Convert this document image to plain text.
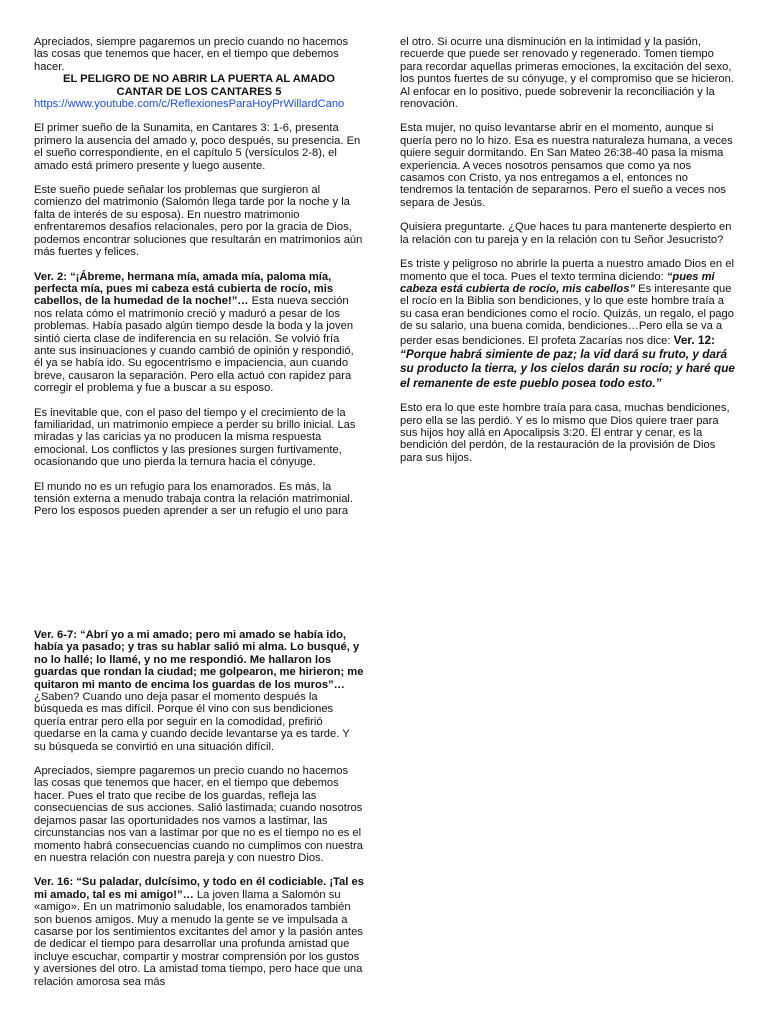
Apreciados, siempre pagaremos un precio cuando no hacemos las cosas que tenemos que hacer, en el tiempo que debemos hacer.

EL PELIGRO DE NO ABRIR LA PUERTA AL AMADO
CANTAR DE LOS CANTARES 5
https://www.youtube.com/c/ReflexionesParaHoyPrWillardCano

El primer sueño de la Sunamita, en Cantares 3: 1-6, presenta primero la ausencia del amado y, poco después, su presencia. En el sueño correspondiente, en el capítulo 5 (versículos 2-8), el amado está primero presente y luego ausente.

Este sueño puede señalar los problemas que surgieron al comienzo del matrimonio (Salomón llega tarde por la noche y la falta de interés de su esposa). En nuestro matrimonio enfrentaremos desafíos relacionales, pero por la gracia de Dios, podemos encontrar soluciones que resultarán en matrimonios aún más fuertes y felices.

Ver. 2: “¡Ábreme, hermana mía, amada mía, paloma mía, perfecta mía, pues mi cabeza está cubierta de rocío, mis cabellos, de la humedad de la noche!”… Esta nueva sección nos relata cómo el matrimonio creció y maduró a pesar de los problemas. Había pasado algún tiempo desde la boda y la joven sintió cierta clase de indiferencia en su relación. Se volvió fría ante sus insinuaciones y cuando cambió de opinión y respondió, él ya se había ido. Su egocentrismo e impaciencia, aun cuando breve, causaron la separación. Pero ella actuó con rapidez para corregir el problema y fue a buscar a su esposo.

Es inevitable que, con el paso del tiempo y el crecimiento de la familiaridad, un matrimonio empiece a perder su brillo inicial. Las miradas y las caricias ya no producen la misma respuesta emocional. Los conflictos y las presiones surgen furtivamente, ocasionando que uno pierda la ternura hacia el cónyuge.

El mundo no es un refugio para los enamorados. Es más, la tensión externa a menudo trabaja contra la relación matrimonial. Pero los esposos pueden aprender a ser un refugio el uno para

el otro. Si ocurre una disminución en la intimidad y la pasión, recuerde que puede ser renovado y regenerado. Tomen tiempo para recordar aquellas primeras emociones, la excitación del sexo, los puntos fuertes de su cónyuge, y el compromiso que se hicieron. Al enfocar en lo positivo, puede sobrevenir la reconciliación y la renovación.

Esta mujer, no quiso levantarse abrir en el momento, aunque si quería pero no lo hizo. Esa es nuestra naturaleza humana, a veces quiere seguir dormitando. En San Mateo 26:38-40 pasa la misma experiencia. A veces nosotros pensamos que como ya nos casamos con Cristo, ya nos entregamos a el, entonces no tendremos la tentación de separarnos. Pero el sueño a veces nos separa de Jesús.

Quisiera preguntarte. ¿Que haces tu para mantenerte despierto en la relación con tu pareja y en la relación con tu Señor Jesucristo?

Es triste y peligroso no abrirle la puerta a nuestro amado Dios en el momento que el toca. Pues el texto termina diciendo: “pues mi cabeza está cubierta de rocío, mis cabellos” Es interesante que el rocío en la Biblia son bendiciones, y lo que este hombre traía a su casa eran bendiciones como el rocío. Quizás, un regalo, el pago de su salario, una buena comida, bendiciones…Pero ella se va a perder esas bendiciones. El profeta Zacarías nos dice: Ver. 12: “Porque habrá simiente de paz; la vid dará su fruto, y dará su producto la tierra, y los cielos darán su rocío; y haré que el remanente de este pueblo posea todo esto.”

Esto era lo que este hombre traía para casa, muchas bendiciones, pero ella se las perdió. Y es lo mismo que Dios quiere traer para sus hijos hoy allá en Apocalipsis 3:20. El entrar y cenar, es la bendición del perdón, de la restauración de la provisión de Dios para sus hijos.

Ver. 6-7: “Abrí yo a mi amado; pero mi amado se había ido, había ya pasado; y tras su hablar salió mi alma. Lo busqué, y no lo hallé; lo llamé, y no me respondió. Me hallaron los guardas que rondan la ciudad; me golpearon, me hirieron; me quitaron mi manto de encima los guardas de los muros”… ¿Saben? Cuando uno deja pasar el momento después la búsqueda es mas difícil. Porque él vino con sus bendiciones quería entrar pero ella por seguir en la comodidad, prefirió quedarse en la cama y cuando decide levantarse ya es tarde. Y su búsqueda se convirtió en una situación difícil.

Apreciados, siempre pagaremos un precio cuando no hacemos las cosas que tenemos que hacer, en el tiempo que debemos hacer. Pues el trato que recibe de los guardas, refleja las consecuencias de sus acciones. Salió lastimada; cuando nosotros dejamos pasar las oportunidades nos vamos a lastimar, las circunstancias nos van a lastimar por que no es el tiempo no es el momento habrá consecuencias cuando no cumplimos con nuestra en nuestra relación con nuestra pareja y con nuestro Dios.

Ver. 16: “Su paladar, dulcísimo, y todo en él codiciable. ¡Tal es mi amado, tal es mi amigo!”… La joven llama a Salomón su «amigo». En un matrimonio saludable, los enamorados también son buenos amigos. Muy a menudo la gente se ve impulsada a casarse por los sentimientos excitantes del amor y la pasión antes de dedicar el tiempo para desarrollar una profunda amistad que incluye escuchar, compartir y mostrar comprensión por los gustos y aversiones del otro. La amistad toma tiempo, pero hace que una relación amorosa sea más
